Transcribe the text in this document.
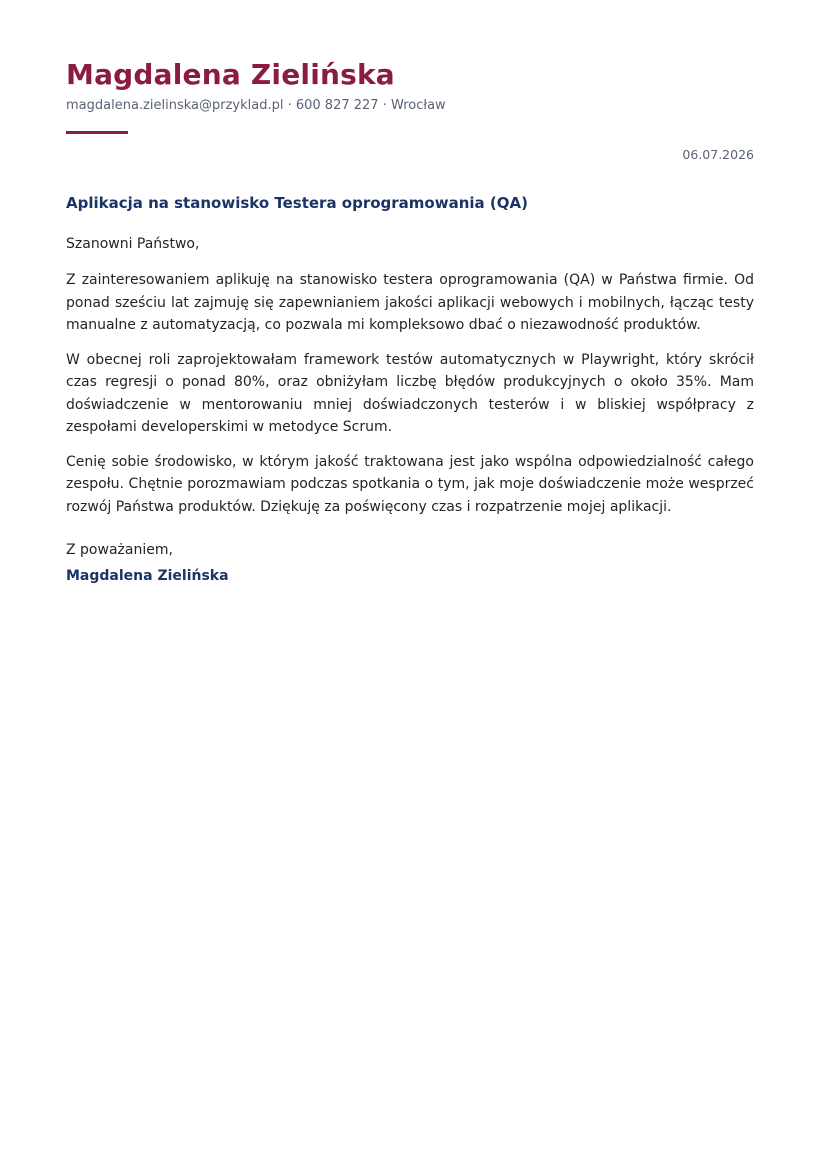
Magdalena Zielińska
magdalena.zielinska@przyklad.pl · 600 827 227 · Wrocław
06.07.2026
Aplikacja na stanowisko Testera oprogramowania (QA)
Szanowni Państwo,

Z zainteresowaniem aplikuję na stanowisko testera oprogramowania (QA) w Państwa firmie. Od ponad sześciu lat zajmuję się zapewnianiem jakości aplikacji webowych i mobilnych, łącząc testy manualne z automatyzacją, co pozwala mi kompleksowo dbać o niezawodność produktów.

W obecnej roli zaprojektowałam framework testów automatycznych w Playwright, który skrócił czas regresji o ponad 80%, oraz obniżyłam liczbę błędów produkcyjnych o około 35%. Mam doświadczenie w mentorowaniu mniej doświadczonych testerów i w bliskiej współpracy z zespołami developerskimi w metodyce Scrum.

Cenię sobie środowisko, w którym jakość traktowana jest jako wspólna odpowiedzialność całego zespołu. Chętnie porozmawiam podczas spotkania o tym, jak moje doświadczenie może wesprzeć rozwój Państwa produktów. Dziękuję za poświęcony czas i rozpatrzenie mojej aplikacji.

Z poważaniem,
Magdalena Zielińska
